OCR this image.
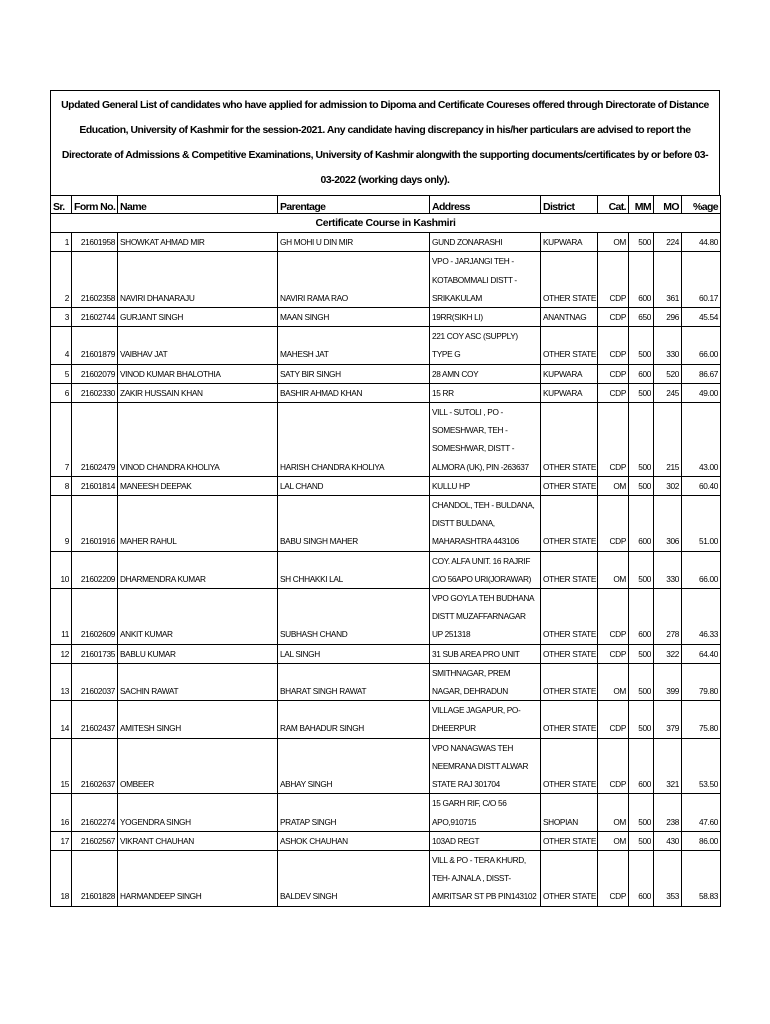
Updated General List of candidates who have applied for admission to Dipoma and Certificate Coureses offered through Directorate of Distance
Education, University of Kashmir for the session-2021. Any candidate having discrepancy in his/her particulars are advised to report the
Directorate of Admissions & Competitive Examinations, University of Kashmir alongwith the supporting documents/certificates by or before 03-
03-2022 (working days only).
Sr.	Form No.	Name	Parentage	Address	District	Cat.	MM	MO	%age
Certificate Course in Kashmiri									
1	21601958	SHOWKAT AHMAD MIR	GH MOHI U DIN MIR	GUND ZONARASHI	KUPWARA	OM	500	224	44.80
2	21602358	NAVIRI DHANARAJU	NAVIRI RAMA RAO	VPO - JARJANGI TEH - KOTABOMMALI DISTT - SRIKAKULAM	OTHER STATE	CDP	600	361	60.17
3	21602744	GURJANT SINGH	MAAN SINGH	19RR(SIKH LI)	ANANTNAG	CDP	650	296	45.54
4	21601879	VAIBHAV JAT	MAHESH JAT	221 COY ASC (SUPPLY) TYPE G	OTHER STATE	CDP	500	330	66.00
5	21602079	VINOD KUMAR BHALOTHIA	SATY BIR SINGH	28 AMN COY	KUPWARA	CDP	600	520	86.67
6	21602330	ZAKIR HUSSAIN KHAN	BASHIR AHMAD KHAN	15 RR	KUPWARA	CDP	500	245	49.00
7	21602479	VINOD CHANDRA KHOLIYA	HARISH CHANDRA KHOLIYA	VILL - SUTOLI , PO - SOMESHWAR, TEH - SOMESHWAR, DISTT - ALMORA (UK), PIN -263637	OTHER STATE	CDP	500	215	43.00
8	21601814	MANEESH DEEPAK	LAL CHAND	KULLU HP	OTHER STATE	OM	500	302	60.40
9	21601916	MAHER RAHUL	BABU SINGH MAHER	CHANDOL, TEH - BULDANA, DISTT BULDANA, MAHARASHTRA 443106	OTHER STATE	CDP	600	306	51.00
10	21602209	DHARMENDRA KUMAR	SH CHHAKKI LAL	COY. ALFA UNIT. 16 RAJRIF C/O 56APO URI(JORAWAR)	OTHER STATE	OM	500	330	66.00
11	21602609	ANKIT KUMAR	SUBHASH CHAND	VPO GOYLA TEH BUDHANA DISTT MUZAFFARNAGAR UP 251318	OTHER STATE	CDP	600	278	46.33
12	21601735	BABLU KUMAR	LAL SINGH	31 SUB AREA PRO UNIT	OTHER STATE	CDP	500	322	64.40
13	21602037	SACHIN RAWAT	BHARAT SINGH RAWAT	SMITHNAGAR, PREM NAGAR, DEHRADUN	OTHER STATE	OM	500	399	79.80
14	21602437	AMITESH SINGH	RAM BAHADUR SINGH	VILLAGE JAGAPUR, PO- DHEERPUR	OTHER STATE	CDP	500	379	75.80
15	21602637	OMBEER	ABHAY SINGH	VPO NANAGWAS TEH NEEMRANA DISTT ALWAR STATE RAJ 301704	OTHER STATE	CDP	600	321	53.50
16	21602274	YOGENDRA SINGH	PRATAP SINGH	15 GARH RIF, C/O 56 APO,910715	SHOPIAN	OM	500	238	47.60
17	21602567	VIKRANT CHAUHAN	ASHOK CHAUHAN	103AD REGT	OTHER STATE	OM	500	430	86.00
18	21601828	HARMANDEEP SINGH	BALDEV SINGH	VILL & PO - TERA KHURD, TEH- AJNALA , DISST- AMRITSAR ST PB PIN143102	OTHER STATE	CDP	600	353	58.83
